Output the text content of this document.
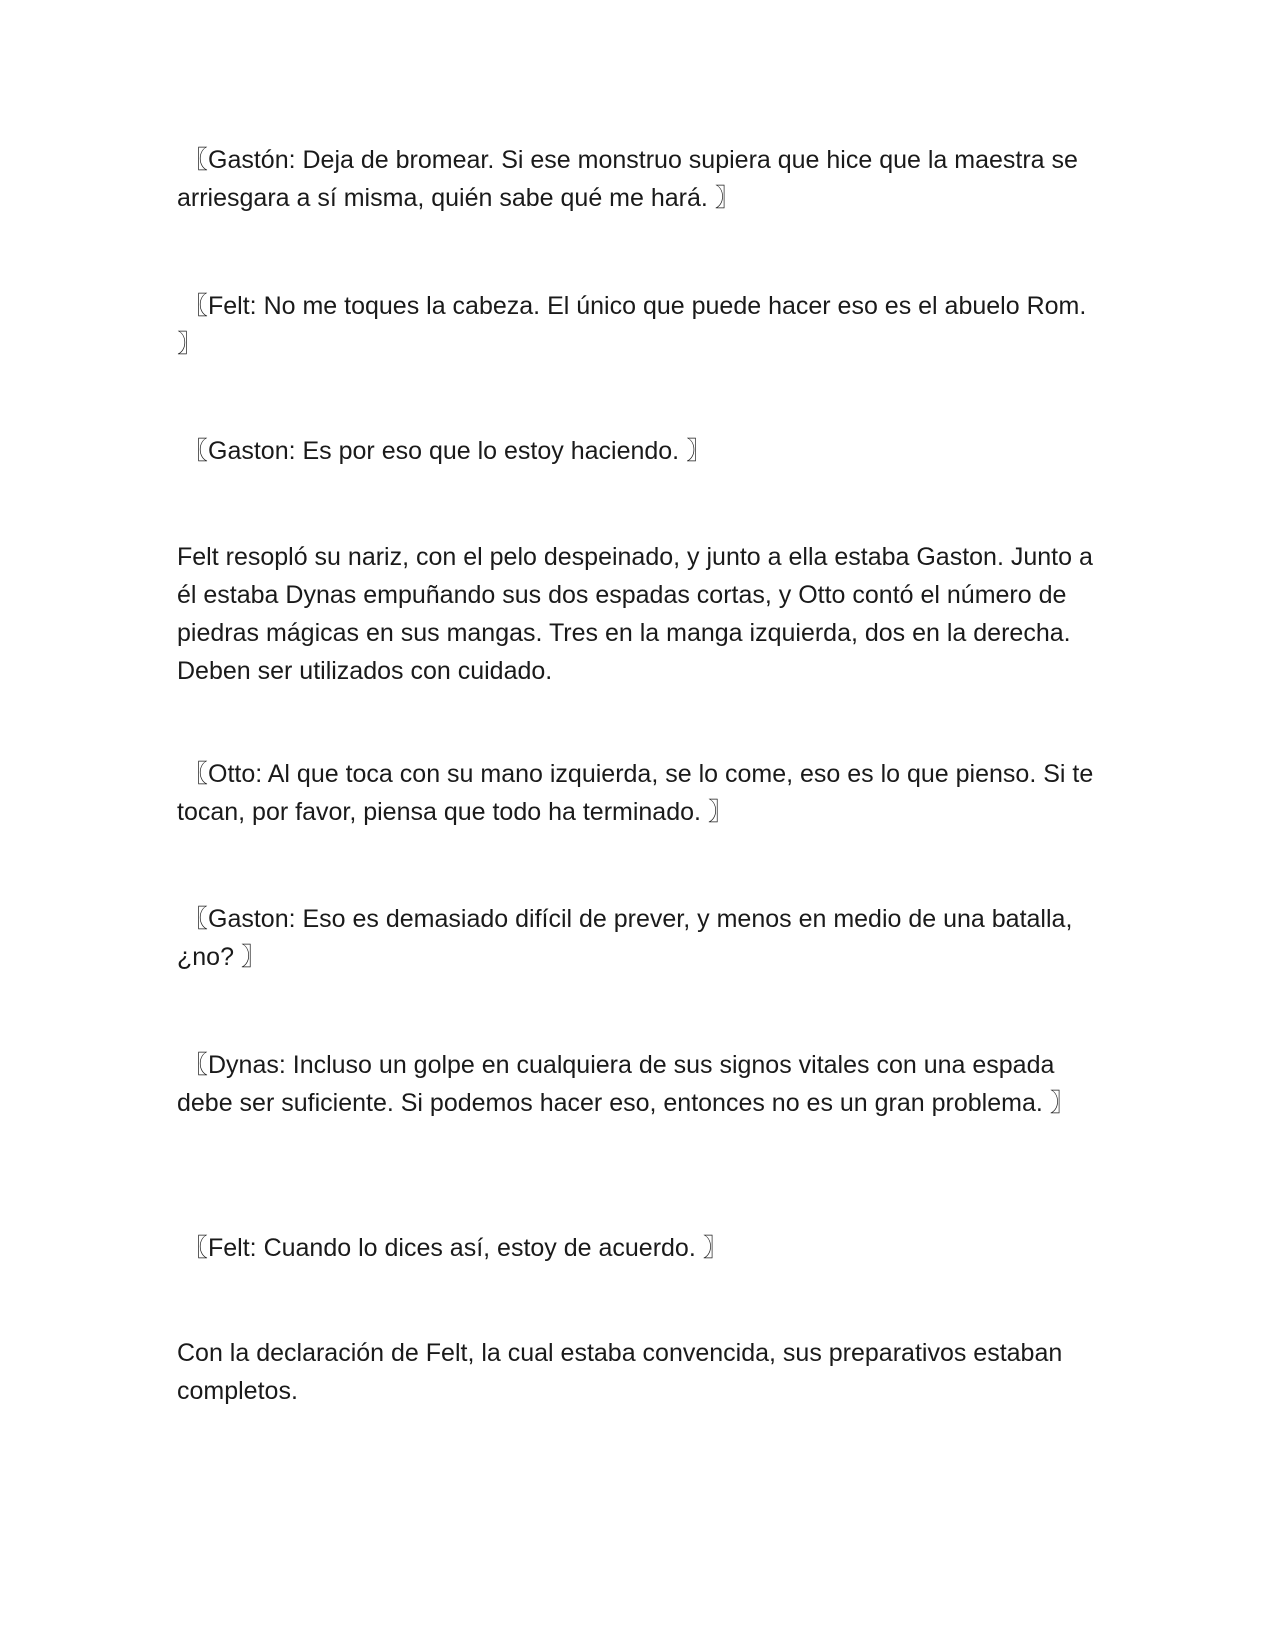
〖Gastón: Deja de bromear. Si ese monstruo supiera que hice que la maestra se arriesgara a sí misma, quién sabe qué me hará. 〗

〖Felt: No me toques la cabeza. El único que puede hacer eso es el abuelo Rom. 〗

〖Gaston: Es por eso que lo estoy haciendo. 〗

Felt resopló su nariz, con el pelo despeinado, y junto a ella estaba Gaston. Junto a él estaba Dynas empuñando sus dos espadas cortas, y Otto contó el número de piedras mágicas en sus mangas. Tres en la manga izquierda, dos en la derecha. Deben ser utilizados con cuidado.

〖Otto: Al que toca con su mano izquierda, se lo come, eso es lo que pienso. Si te tocan, por favor, piensa que todo ha terminado. 〗

〖Gaston: Eso es demasiado difícil de prever, y menos en medio de una batalla, ¿no? 〗

〖Dynas: Incluso un golpe en cualquiera de sus signos vitales con una espada debe ser suficiente. Si podemos hacer eso, entonces no es un gran problema. 〗

〖Felt: Cuando lo dices así, estoy de acuerdo. 〗

Con la declaración de Felt, la cual estaba convencida, sus preparativos estaban completos.
